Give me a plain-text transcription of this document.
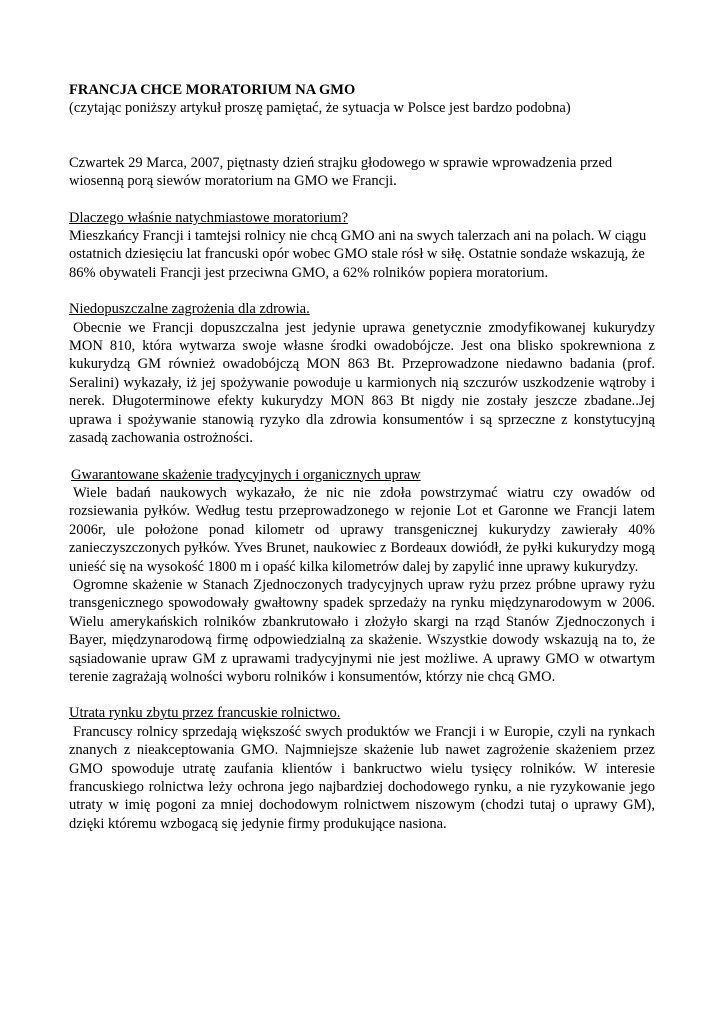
FRANCJA CHCE MORATORIUM NA GMO

(czytając poniższy artykuł proszę pamiętać, że sytuacja w Polsce jest bardzo podobna)

Czwartek 29 Marca, 2007, piętnasty dzień strajku głodowego w sprawie wprowadzenia przed wiosenną porą siewów moratorium na GMO we Francji.

Dlaczego właśnie natychmiastowe moratorium?

Mieszkańcy Francji i tamtejsi rolnicy nie chcą GMO ani na swych talerzach ani na polach. W ciągu ostatnich dziesięciu lat francuski opór wobec GMO stale rósł w siłę. Ostatnie sondaże wskazują, że 86% obywateli Francji jest przeciwna GMO, a 62% rolników popiera moratorium.

Niedopuszczalne zagrożenia dla zdrowia.

Obecnie we Francji dopuszczalna jest jedynie uprawa genetycznie zmodyfikowanej kukurydzy MON 810, która wytwarza swoje własne środki owadobójcze. Jest ona blisko spokrewniona z kukurydzą GM również owadobójczą MON 863 Bt. Przeprowadzone niedawno badania (prof. Seralini) wykazały, iż jej spożywanie powoduje u karmionych nią szczurów uszkodzenie wątroby i nerek. Długoterminowe efekty kukurydzy MON 863 Bt nigdy nie zostały jeszcze zbadane..Jej uprawa i spożywanie stanowią ryzyko dla zdrowia konsumentów i są sprzeczne z konstytucyjną zasadą zachowania ostrożności.

Gwarantowane skażenie tradycyjnych i organicznych upraw

Wiele badań naukowych wykazało, że nic nie zdoła powstrzymać wiatru czy owadów od rozsiewania pyłków. Według testu przeprowadzonego w rejonie Lot et Garonne we Francji latem 2006r, ule położone ponad kilometr od uprawy transgenicznej kukurydzy zawierały 40% zanieczyszczonych pyłków. Yves Brunet, naukowiec z Bordeaux dowiódł, że pyłki kukurydzy mogą unieść się na wysokość 1800 m i opaść kilka kilometrów dalej by zapylić inne uprawy kukurydzy.

Ogromne skażenie w Stanach Zjednoczonych tradycyjnych upraw ryżu przez próbne uprawy ryżu transgenicznego spowodowały gwałtowny spadek sprzedaży na rynku międzynarodowym w 2006. Wielu amerykańskich rolników zbankrutowało i złożyło skargi na rząd Stanów Zjednoczonych i Bayer, międzynarodową firmę odpowiedzialną za skażenie. Wszystkie dowody wskazują na to, że sąsiadowanie upraw GM z uprawami tradycyjnymi nie jest możliwe. A uprawy GMO w otwartym terenie zagrażają wolności wyboru rolników i konsumentów, którzy nie chcą GMO.

Utrata rynku zbytu przez francuskie rolnictwo.

Francuscy rolnicy sprzedają większość swych produktów we Francji i w Europie, czyli na rynkach znanych z nieakceptowania GMO. Najmniejsze skażenie lub nawet zagrożenie skażeniem przez GMO spowoduje utratę zaufania klientów i bankructwo wielu tysięcy rolników. W interesie francuskiego rolnictwa leży ochrona jego najbardziej dochodowego rynku, a nie ryzykowanie jego utraty w imię pogoni za mniej dochodowym rolnictwem niszowym (chodzi tutaj o uprawy GM), dzięki któremu wzbogacą się jedynie firmy produkujące nasiona.
